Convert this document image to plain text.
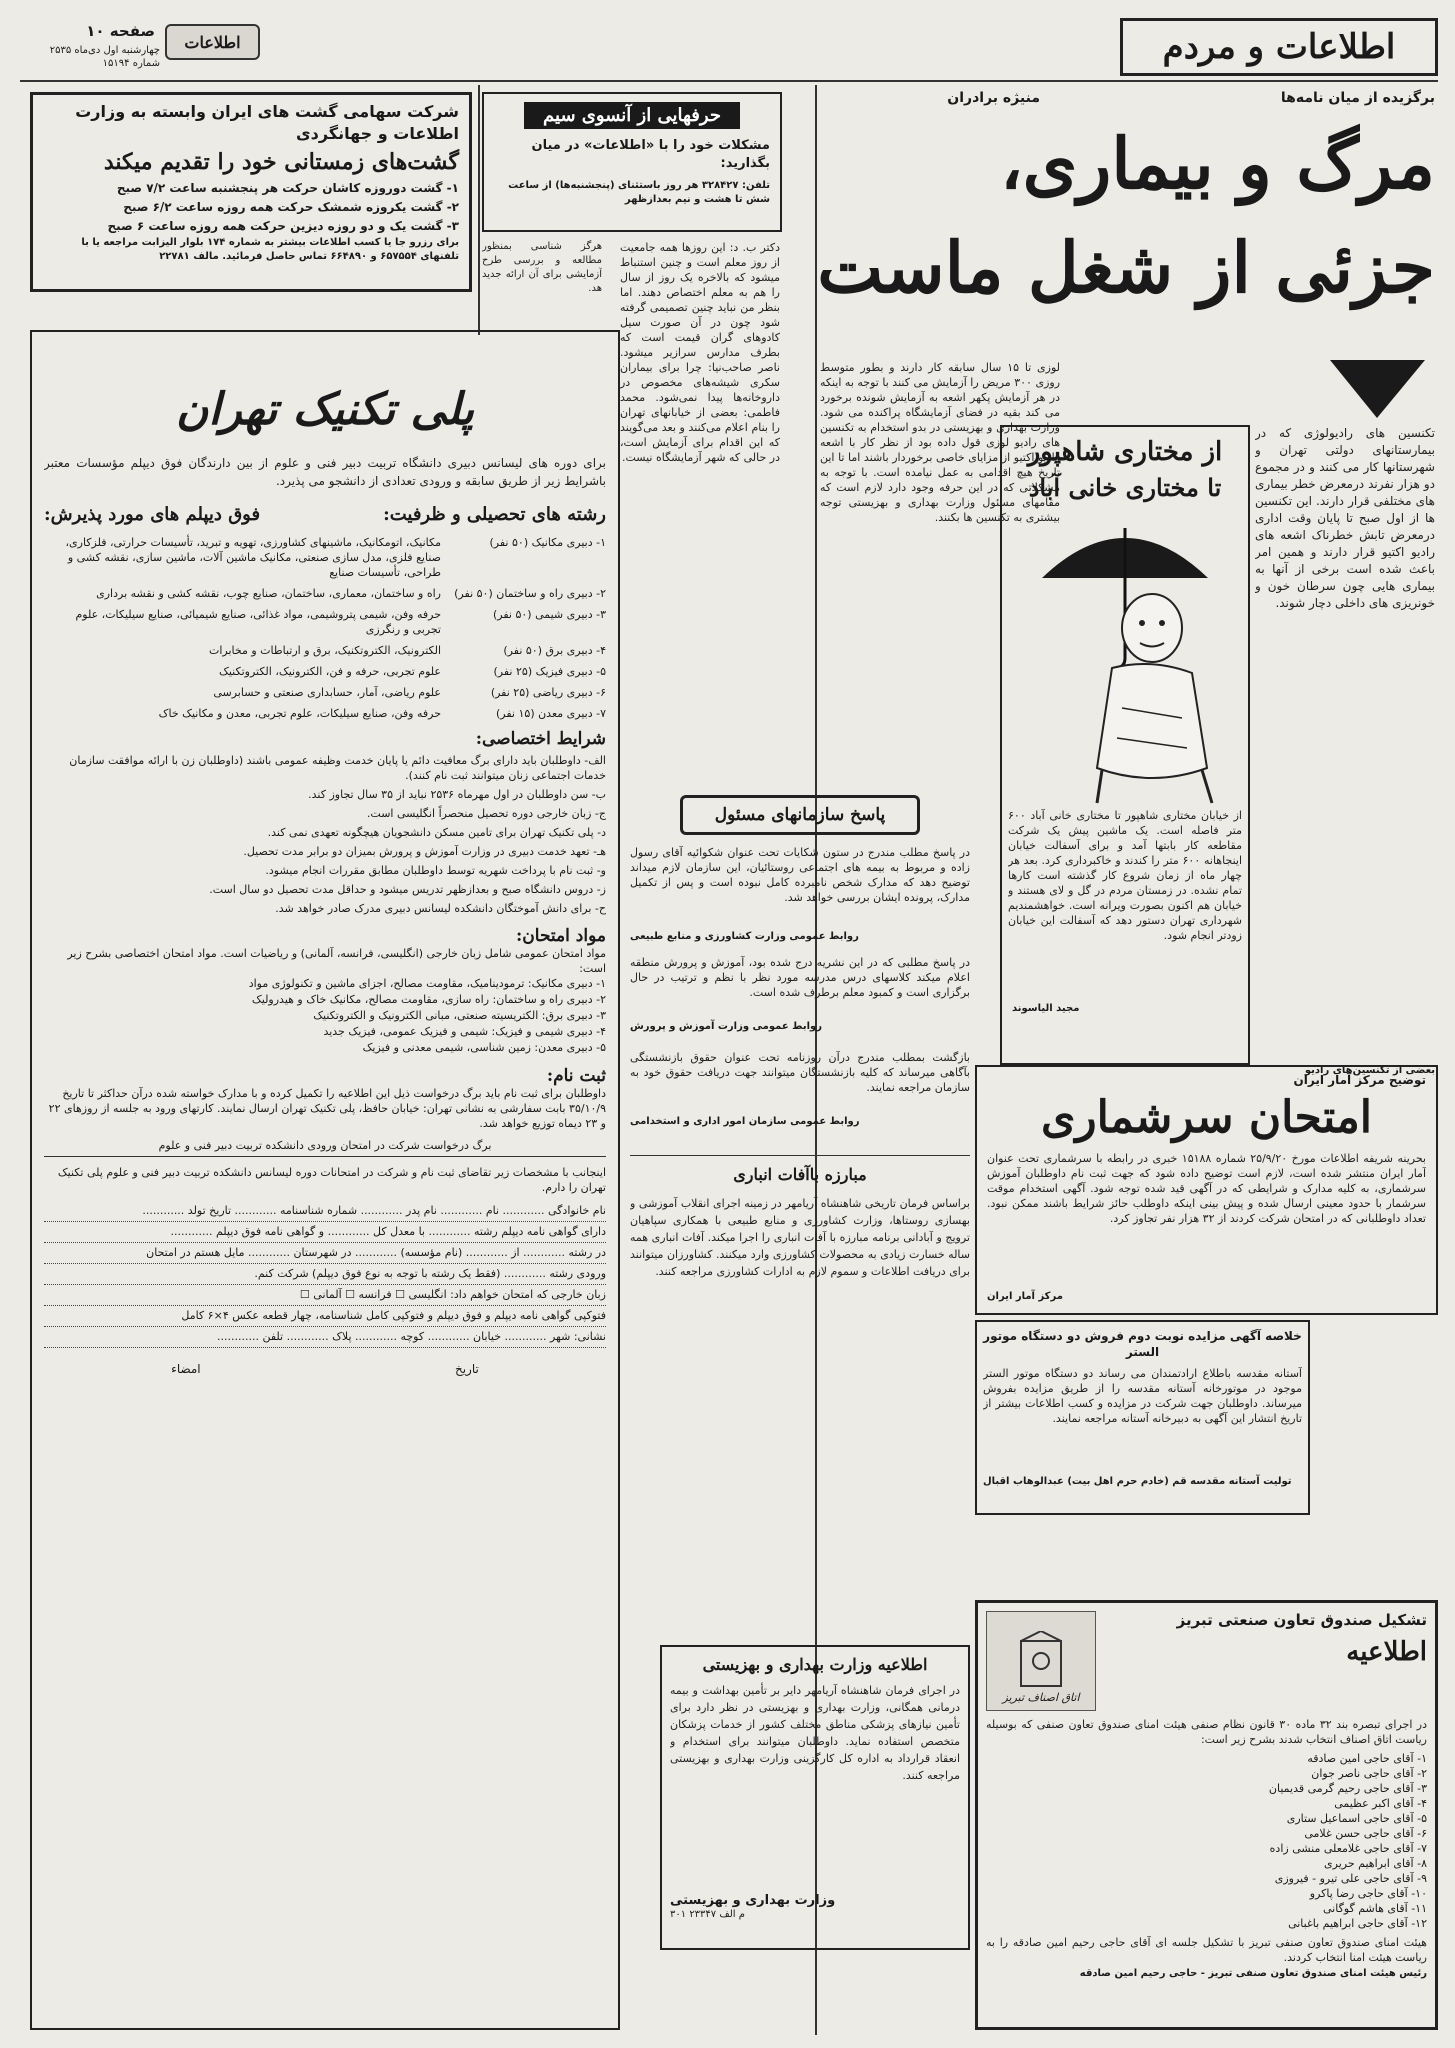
اطلاعات
صفحه ۱۰
چهارشنبه اول دی‌ماه ۲۵۳۵ شماره ۱۵۱۹۴	اطلاعات و مردم
برگزیده از میان نامه‌ها
منیژه برادران
مرگ و بیماری،
جزئی از شغل ماست
تکنسین های رادیولوژی که در بیمارستانهای دولتی تهران و شهرستانها کار می کنند و در مجموع دو هزار نفرند درمعرض خطر بیماری های مختلفی قرار دارند. این تکنسین ها از اول صبح تا پایان وقت اداری درمعرض تابش خطرناک اشعه های رادیو اکتیو قرار دارند و همین امر باعث شده است برخی از آنها به بیماری هایی چون سرطان خون و خونریزی های داخلی دچار شوند.
لوزی تا ۱۵ سال سابقه کار دارند و بطور متوسط روزی ۳۰۰ مریض را آزمایش می کنند با توجه به اینکه در هر آزمایش پکهر اشعه به آزمایش شونده برخورد می کند بقیه در فضای آزمایشگاه پراکنده می شود. وزارت بهداری و بهزیستی در بدو استخدام به تکنسین های رادیو لوزی قول داده بود از نظر کار با اشعه رادیو اکتیو از مزایای خاصی برخوردار باشند اما تا این تاریخ هیچ اقدامی به عمل نیامده است. با توجه به مشکلاتی که در این حرفه وجود دارد لازم است که مقامهای مسئول وزارت بهداری و بهزیستی توجه بیشتری به تکنسین ها بکنند.
بعضی از تکنسین‌های رادیو
از مختاری شاهپور
تا مختاری خانی آباد
از خیابان مختاری شاهپور تا مختاری خانی آباد ۶۰۰ متر فاصله است. یک ماشین پیش یک شرکت مقاطعه کار بابتها آمد و برای آسفالت خیابان اینجاهانه ۶۰۰ متر را کندند و خاکبرداری کرد. بعد هر چهار ماه از زمان شروع کار گذشته است کارها تمام نشده. در زمستان مردم در گل و لای هستند و خیابان هم اکنون بصورت ویرانه است. خواهشمندیم شهرداری تهران دستور دهد که آسفالت این خیابان زودتر انجام شود.
مجید الیاسوند
حرفهایی از آنسوی سیم
مشکلات خود را با «اطلاعات» در میان بگذارید:
تلفن: ۳۲۸۴۲۷ هر روز باستثنای (پنجشنبه‌ها) از ساعت شش تا هشت و نیم بعدازظهر
دکتر ب. د: این روزها همه جامعیت از روز معلم است و چنین استنباط میشود که بالاخره یک روز از سال را هم به معلم اختصاص دهند. اما بنظر من نباید چنین تصمیمی گرفته شود چون در آن صورت سیل کادوهای گران قیمت است که بطرف مدارس سرازیر میشود. ناصر صاحب‌نیا: چرا برای بیماران سکری شیشه‌های مخصوص در داروخانه‌ها پیدا نمی‌شود. محمد فاطمی: بعضی از خیابانهای تهران را بنام اعلام می‌کنند و بعد می‌گویند که این اقدام برای آزمایش است، در حالی که شهر آزمایشگاه نیست.
هرگز شناسی بمنظور مطالعه و بررسی طرح آزمایشی برای آن ارائه جدید هد.
شرکت سهامی گشت های ایران وابسته به وزارت اطلاعات و جهانگردی
گشت‌های زمستانی خود را تقدیم میکند
۱- گشت دوروزه کاشان حرکت هر پنجشنبه ساعت ۷/۲ صبح
۲- گشت یکروزه شمشک حرکت همه روزه ساعت ۶/۲ صبح
۳- گشت یک و دو روزه دیزین حرکت همه روزه ساعت ۶ صبح
برای رزرو جا یا کسب اطلاعات بیشتر به شماره ۱۷۴ بلوار الیزابت مراجعه یا با تلفنهای ۶۵۷۵۵۴ و ۶۶۴۸۹۰ تماس حاصل فرمائید. مالف ۲۲۷۸۱
پلی تکنیک تهران
برای دوره های لیسانس دبیری دانشگاه تربیت دبیر فنی و علوم از بین دارندگان فوق دیپلم مؤسسات معتبر باشرایط زیر از طریق سابقه و ورودی تعدادی از دانشجو می پذیرد.
رشته های تحصیلی و ظرفیت:
فوق دیپلم های مورد پذیرش:
۱- دبیری مکانیک (۵۰ نفر)
مکانیک، اتومکانیک، ماشینهای کشاورزی، تهویه و تبرید، تأسیسات حرارتی، فلزکاری، صنایع فلزی، مدل سازی صنعتی، مکانیک ماشین آلات، ماشین سازی، نقشه کشی و طراحی، تأسیسات صنایع
۲- دبیری راه و ساختمان (۵۰ نفر)
راه و ساختمان، معماری، ساختمان، صنایع چوب، نقشه کشی و نقشه برداری
۳- دبیری شیمی (۵۰ نفر)
حرفه وفن، شیمی پتروشیمی، مواد غذائی، صنایع شیمیائی، صنایع سیلیکات، علوم تجربی و رنگرزی
۴- دبیری برق (۵۰ نفر)
الکترونیک، الکتروتکنیک، برق و ارتباطات و مخابرات
۵- دبیری فیزیک (۲۵ نفر)
علوم تجربی، حرفه و فن، الکترونیک، الکتروتکنیک
۶- دبیری ریاضی (۲۵ نفر)
علوم ریاضی، آمار، حسابداری صنعتی و حسابرسی
۷- دبیری معدن (۱۵ نفر)
حرفه وفن، صنایع سیلیکات، علوم تجربی، معدن و مکانیک خاک
شرایط اختصاصی:
الف- داوطلبان باید دارای برگ معافیت دائم یا پایان خدمت وظیفه عمومی باشند (داوطلبان زن با ارائه موافقت سازمان خدمات اجتماعی زنان میتوانند ثبت نام کنند).
ب- سن داوطلبان در اول مهرماه ۲۵۳۶ نباید از ۳۵ سال تجاوز کند.
ج- زبان خارجی دوره تحصیل منحصراً انگلیسی است.
د- پلی تکنیک تهران برای تامین مسکن دانشجویان هیچگونه تعهدی نمی کند.
هـ- تعهد خدمت دبیری در وزارت آموزش و پرورش بمیزان دو برابر مدت تحصیل.
و- ثبت نام با پرداخت شهریه توسط داوطلبان مطابق مقررات انجام میشود.
ز- دروس دانشگاه صبح و بعدازظهر تدریس میشود و حداقل مدت تحصیل دو سال است.
ح- برای دانش آموختگان دانشکده لیسانس دبیری مدرک صادر خواهد شد.
مواد امتحان:
مواد امتحان عمومی شامل زبان خارجی (انگلیسی، فرانسه، آلمانی) و ریاضیات است. مواد امتحان اختصاصی بشرح زیر است:
۱- دبیری مکانیک: ترمودینامیک، مقاومت مصالح، اجزای ماشین و تکنولوژی مواد
۲- دبیری راه و ساختمان: راه سازی، مقاومت مصالح، مکانیک خاک و هیدرولیک
۳- دبیری برق: الکتریسیته صنعتی، مبانی الکترونیک و الکتروتکنیک
۴- دبیری شیمی و فیزیک: شیمی و فیزیک عمومی، فیزیک جدید
۵- دبیری معدن: زمین شناسی، شیمی معدنی و فیزیک
ثبت نام:
داوطلبان برای ثبت نام باید برگ درخواست ذیل این اطلاعیه را تکمیل کرده و با مدارک خواسته شده درآن حداکثر تا تاریخ ۳۵/۱۰/۹ بابت سفارشی به نشانی تهران: خیابان حافظ، پلی تکنیک تهران ارسال نمایند. کارتهای ورود به جلسه از روزهای ۲۲ و ۲۳ دیماه توزیع خواهد شد.
برگ درخواست شرکت در امتحان ورودی دانشکده تربیت دبیر فنی و علوم
اینجانب با مشخصات زیر تقاضای ثبت نام و شرکت در امتحانات دوره لیسانس دانشکده تربیت دبیر فنی و علوم پلی تکنیک تهران را دارم.
نام خانوادگی ............ نام ............ نام پدر ............ شماره شناسنامه ............ تاریخ تولد ............
دارای گواهی نامه دیپلم رشته ............ با معدل کل ............ و گواهی نامه فوق دیپلم ............
در رشته ............ از ............ (نام مؤسسه) ............ در شهرستان ............ مایل هستم در امتحان
ورودی رشته ............ (فقط یک رشته با توجه به نوع فوق دیپلم) شرکت کنم.
زبان خارجی که امتحان خواهم داد: انگلیسی ☐ فرانسه ☐ آلمانی ☐
فتوکپی گواهی نامه دیپلم و فوق دیپلم و فتوکپی کامل شناسنامه، چهار قطعه عکس ۴×۶ کامل
نشانی: شهر ............ خیابان ............ کوچه ............ پلاک ............ تلفن ............
تاریخ
امضاء
پاسخ سازمانهای مسئول
در پاسخ مطلب مندرج در ستون شکایات تحت عنوان شکوائیه آقای رسول زاده و مربوط به بیمه های اجتماعی روستائیان، این سازمان لازم میداند توضیح دهد که مدارک شخص نامبرده کامل نبوده است و پس از تکمیل مدارک، پرونده ایشان بررسی خواهد شد.
روابط عمومی وزارت کشاورزی و منابع طبیعی
در پاسخ مطلبی که در این نشریه درج شده بود، آموزش و پرورش منطقه اعلام میکند کلاسهای درس مدرسه مورد نظر با نظم و ترتیب در حال برگزاری است و کمبود معلم برطرف شده است.
روابط عمومی وزارت آموزش و پرورش
بازگشت بمطلب مندرج درآن روزنامه تحت عنوان حقوق بازنشستگی بآگاهی میرساند که کلیه بازنشستگان میتوانند جهت دریافت حقوق خود به سازمان مراجعه نمایند.
روابط عمومی سازمان امور اداری و استخدامی
مبارزه باآفات انباری
براساس فرمان تاریخی شاهنشاه آریامهر در زمینه اجرای انقلاب آموزشی و بهسازی روستاها، وزارت کشاورزی و منابع طبیعی با همکاری سپاهیان ترویج و آبادانی برنامه مبارزه با آفات انباری را اجرا میکند. آفات انباری همه ساله خسارت زیادی به محصولات کشاورزی وارد میکنند. کشاورزان میتوانند برای دریافت اطلاعات و سموم لازم به ادارات کشاورزی مراجعه کنند.
اطلاعیه وزارت بهداری و بهزیستی
در اجرای فرمان شاهنشاه آریامهر دایر بر تأمین بهداشت و بیمه درمانی همگانی، وزارت بهداری و بهزیستی در نظر دارد برای تأمین نیازهای پزشکی مناطق مختلف کشور از خدمات پزشکان متخصص استفاده نماید. داوطلبان میتوانند برای استخدام و انعقاد قرارداد به اداره کل کارگزینی وزارت بهداری و بهزیستی مراجعه کنند.
وزارت بهداری و بهزیستی
م الف ۲۳۳۴۷ ۳۰۱
توضیح مرکز آمار ایران
امتحان سرشماری
بحرینه شریفه اطلاعات مورخ ۲۵/۹/۲۰ شماره ۱۵۱۸۸ خبری در رابطه با سرشماری تحت عنوان آمار ایران منتشر شده است، لازم است توضیح داده شود که جهت ثبت نام داوطلبان آموزش سرشماری، به کلیه مدارک و شرایطی که در آگهی قید شده توجه شود. آگهی استخدام موقت سرشمار با حدود معینی ارسال شده و پیش بینی اینکه داوطلب حائز شرایط باشند ممکن نبود. تعداد داوطلبانی که در امتحان شرکت کردند از ۳۲ هزار نفر تجاوز کرد.
مرکز آمار ایران
خلاصه آگهی مزایده نوبت دوم فروش دو دستگاه موتور الستر
آستانه مقدسه باطلاع ارادتمندان می رساند دو دستگاه موتور الستر موجود در موتورخانه آستانه مقدسه را از طریق مزایده بفروش میرساند. داوطلبان جهت شرکت در مزایده و کسب اطلاعات بیشتر از تاریخ انتشار این آگهی به دبیرخانه آستانه مراجعه نمایند.
تولیت آستانه مقدسه قم (خادم حرم اهل بیت) عبدالوهاب اقبال
تشکیل صندوق تعاون صنعتی تبریز
اطلاعیه
اتاق اصناف تبریز
در اجرای تبصره بند ۳۲ ماده ۳۰ قانون نظام صنفی هیئت امنای صندوق تعاون صنفی که بوسیله ریاست اتاق اصناف انتخاب شدند بشرح زیر است:
۱- آقای حاجی امین صادقه
۲- آقای حاجی ناصر جوان
۳- آقای حاجی رحیم گرمی قدیمیان
۴- آقای اکبر عظیمی
۵- آقای حاجی اسماعیل ستاری
۶- آقای حاجی حسن غلامی
۷- آقای حاجی غلامعلی منشی زاده
۸- آقای ابراهیم حریری
۹- آقای حاجی علی تیرو - فیروزی
۱۰- آقای حاجی رضا پاکرو
۱۱- آقای هاشم گوگانی
۱۲- آقای حاجی ابراهیم باغبانی
هیئت امنای صندوق تعاون صنفی تبریز با تشکیل جلسه ای آقای حاجی رحیم امین صادقه را به ریاست هیئت امنا انتخاب کردند.
رئیس هیئت امنای صندوق تعاون صنفی تبریز - حاجی رحیم امین صادقه
